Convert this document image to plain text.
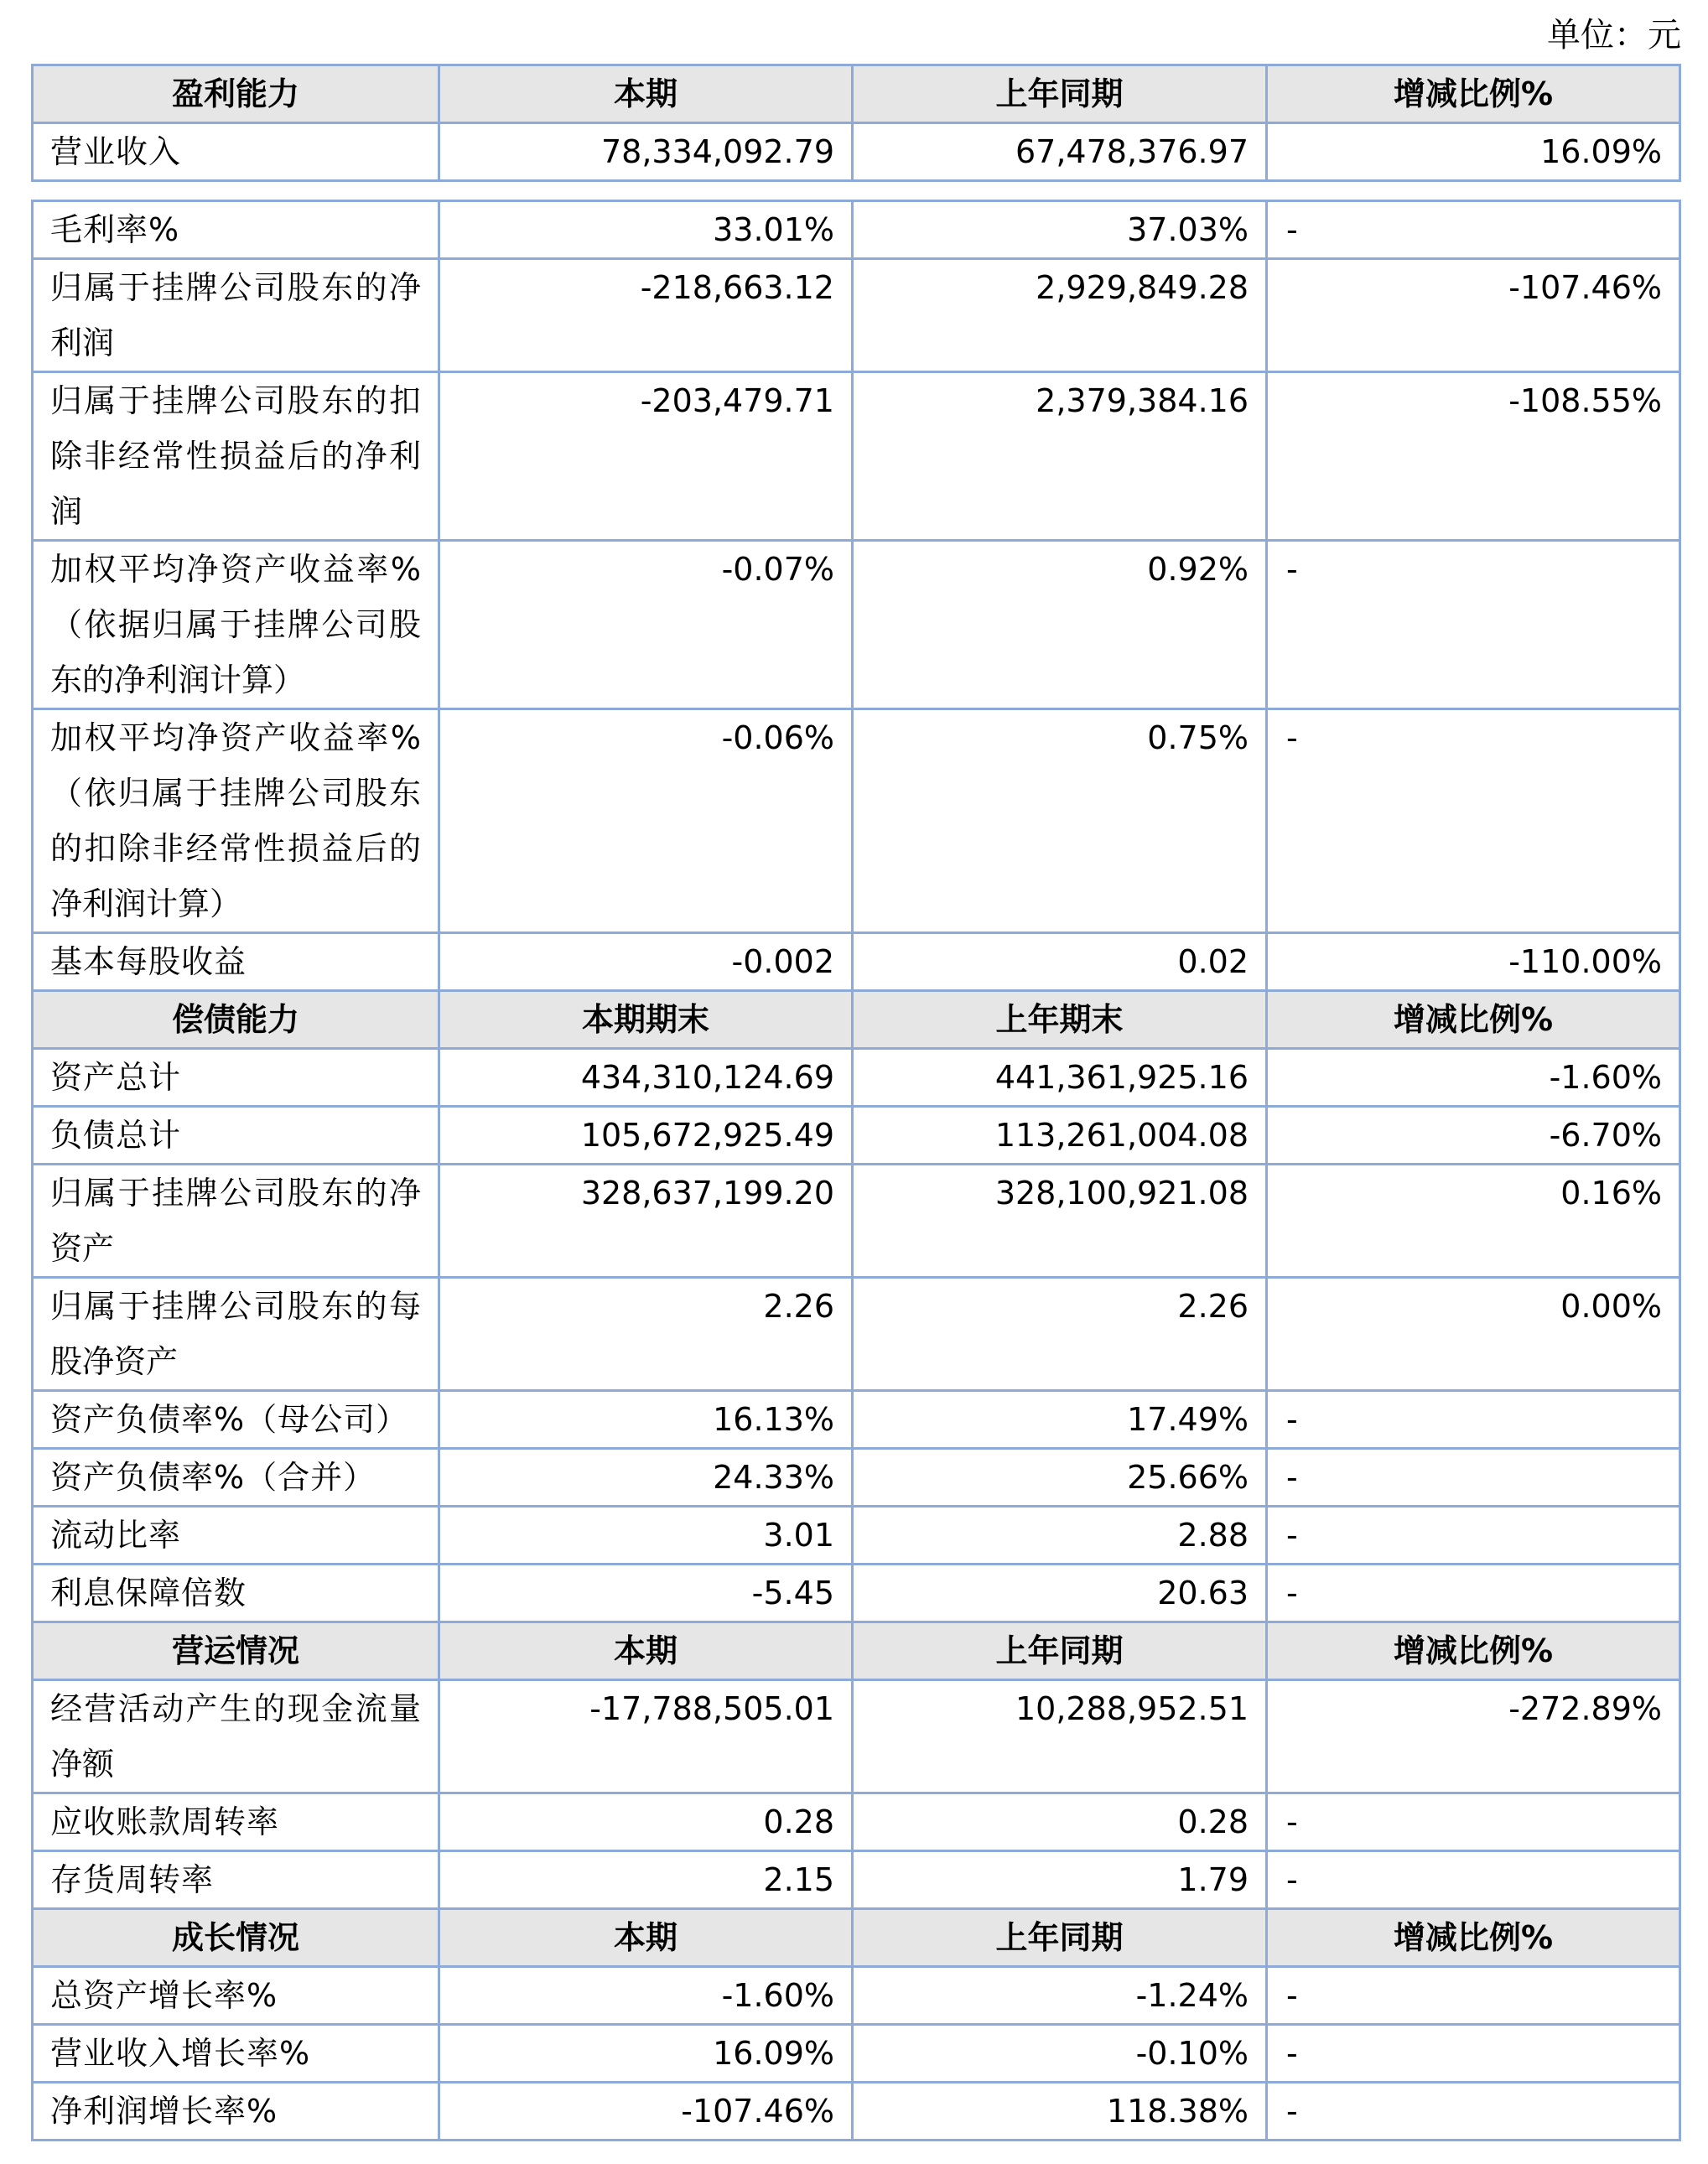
单位：元
盈利能力	本期	上年同期	增减比例%
营业收入	78,334,092.79	67,478,376.97	16.09%
毛利率%	33.01%	37.03%	-
归属于挂牌公司股东的净利润	-218,663.12	2,929,849.28	-107.46%
归属于挂牌公司股东的扣除非经常性损益后的净利润	-203,479.71	2,379,384.16	-108.55%
加权平均净资产收益率%（依据归属于挂牌公司股东的净利润计算）	-0.07%	0.92%	-
加权平均净资产收益率%（依归属于挂牌公司股东的扣除非经常性损益后的净利润计算）	-0.06%	0.75%	-
基本每股收益	-0.002	0.02	-110.00%
偿债能力	本期期末	上年期末	增减比例%
资产总计	434,310,124.69	441,361,925.16	-1.60%
负债总计	105,672,925.49	113,261,004.08	-6.70%
归属于挂牌公司股东的净资产	328,637,199.20	328,100,921.08	0.16%
归属于挂牌公司股东的每股净资产	2.26	2.26	0.00%
资产负债率%（母公司）	16.13%	17.49%	-
资产负债率%（合并）	24.33%	25.66%	-
流动比率	3.01	2.88	-
利息保障倍数	-5.45	20.63	-
营运情况	本期	上年同期	增减比例%
经营活动产生的现金流量净额	-17,788,505.01	10,288,952.51	-272.89%
应收账款周转率	0.28	0.28	-
存货周转率	2.15	1.79	-
成长情况	本期	上年同期	增减比例%
总资产增长率%	-1.60%	-1.24%	-
营业收入增长率%	16.09%	-0.10%	-
净利润增长率%	-107.46%	118.38%	-
